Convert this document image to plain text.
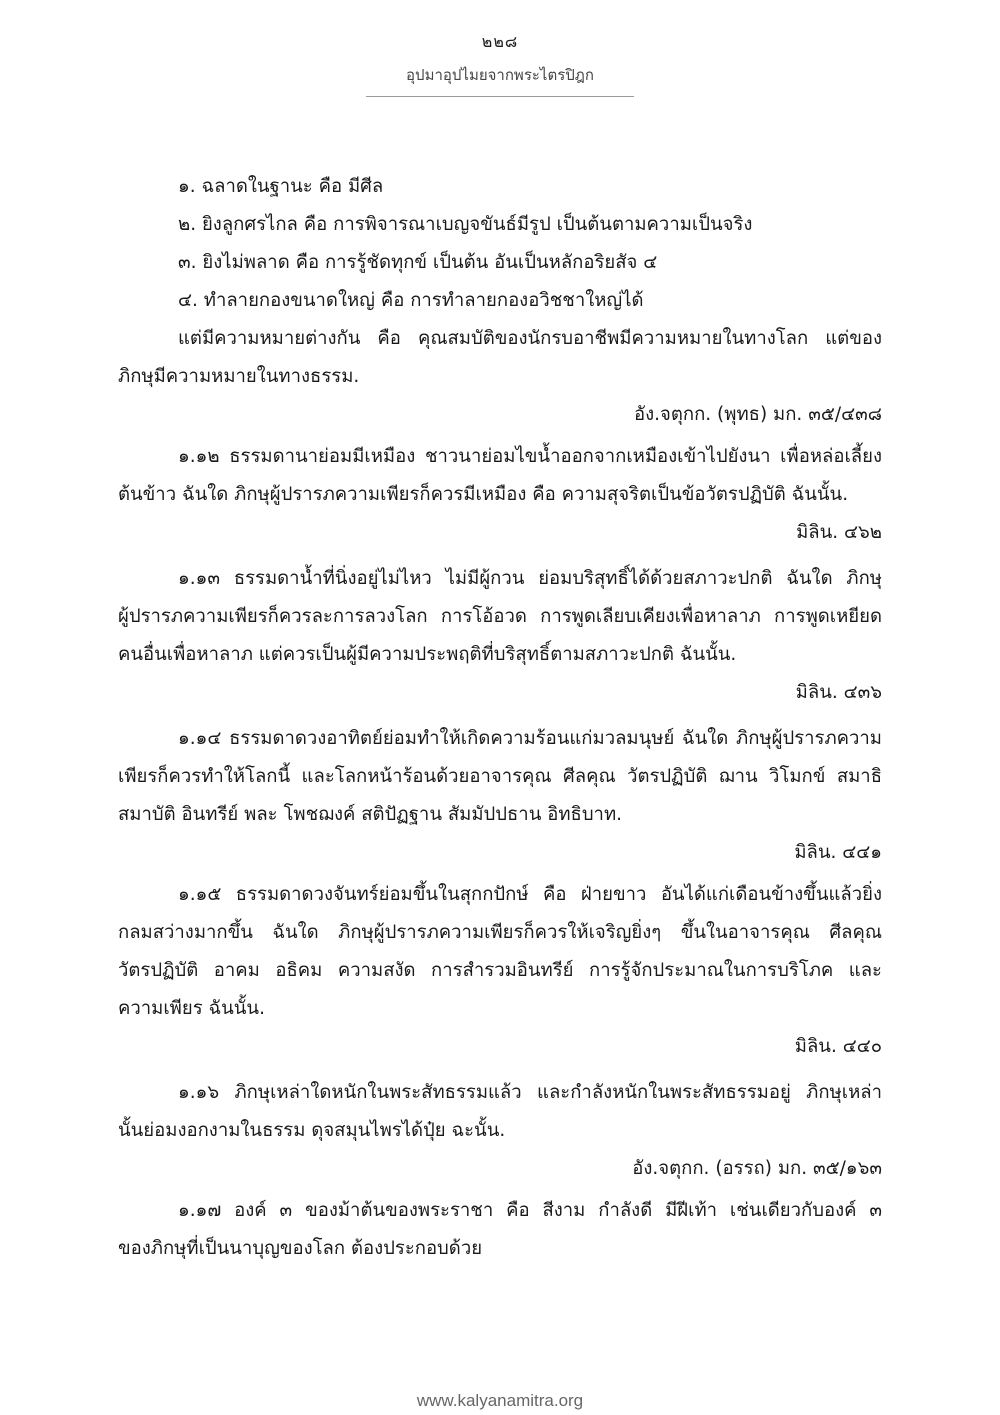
๒๒๘
อุปมาอุปไมยจากพระไตรปิฎก
๑. ฉลาดในฐานะ คือ มีศีล
๒. ยิงลูกศรไกล คือ การพิจารณาเบญจขันธ์มีรูป เป็นต้นตามความเป็นจริง
๓. ยิงไม่พลาด คือ การรู้ชัดทุกข์ เป็นต้น อันเป็นหลักอริยสัจ ๔
๔. ทำลายกองขนาดใหญ่ คือ การทำลายกองอวิชชาใหญ่ได้
แต่มีความหมายต่างกัน คือ คุณสมบัติของนักรบอาชีพมีความหมายในทางโลก แต่ของ
ภิกษุมีความหมายในทางธรรม.
อัง.จตุกก. (พุทธ) มก. ๓๕/๔๓๘
๑.๑๒ ธรรมดานาย่อมมีเหมือง ชาวนาย่อมไขน้ำออกจากเหมืองเข้าไปยังนา เพื่อหล่อเลี้ยง
ต้นข้าว ฉันใด ภิกษุผู้ปรารภความเพียรก็ควรมีเหมือง คือ ความสุจริตเป็นข้อวัตรปฏิบัติ ฉันนั้น.
มิลิน. ๔๖๒
๑.๑๓ ธรรมดาน้ำที่นิ่งอยู่ไม่ไหว ไม่มีผู้กวน ย่อมบริสุทธิ์ได้ด้วยสภาวะปกติ ฉันใด ภิกษุ
ผู้ปรารภความเพียรก็ควรละการลวงโลก การโอ้อวด การพูดเลียบเคียงเพื่อหาลาภ การพูดเหยียด
คนอื่นเพื่อหาลาภ แต่ควรเป็นผู้มีความประพฤติที่บริสุทธิ์ตามสภาวะปกติ ฉันนั้น.
มิลิน. ๔๓๖
๑.๑๔ ธรรมดาดวงอาทิตย์ย่อมทำให้เกิดความร้อนแก่มวลมนุษย์ ฉันใด ภิกษุผู้ปรารภความ
เพียรก็ควรทำให้โลกนี้ และโลกหน้าร้อนด้วยอาจารคุณ ศีลคุณ วัตรปฏิบัติ ฌาน วิโมกข์ สมาธิ
สมาบัติ อินทรีย์ พละ โพชฌงค์ สติปัฏฐาน สัมมัปปธาน อิทธิบาท.
มิลิน. ๔๔๑
๑.๑๕ ธรรมดาดวงจันทร์ย่อมขึ้นในสุกกปักษ์ คือ ฝ่ายขาว อันได้แก่เดือนข้างขึ้นแล้วยิ่ง
กลมสว่างมากขึ้น ฉันใด ภิกษุผู้ปรารภความเพียรก็ควรให้เจริญยิ่งๆ ขึ้นในอาจารคุณ ศีลคุณ
วัตรปฏิบัติ อาคม อธิคม ความสงัด การสำรวมอินทรีย์ การรู้จักประมาณในการบริโภค และ
ความเพียร ฉันนั้น.
มิลิน. ๔๔๐
๑.๑๖ ภิกษุเหล่าใดหนักในพระสัทธรรมแล้ว และกำลังหนักในพระสัทธรรมอยู่ ภิกษุเหล่า
นั้นย่อมงอกงามในธรรม ดุจสมุนไพรได้ปุ๋ย ฉะนั้น.
อัง.จตุกก. (อรรถ) มก. ๓๕/๑๖๓
๑.๑๗ องค์ ๓ ของม้าต้นของพระราชา คือ สีงาม กำลังดี มีฝีเท้า เช่นเดียวกับองค์ ๓
ของภิกษุที่เป็นนาบุญของโลก ต้องประกอบด้วย
www.kalyanamitra.org
